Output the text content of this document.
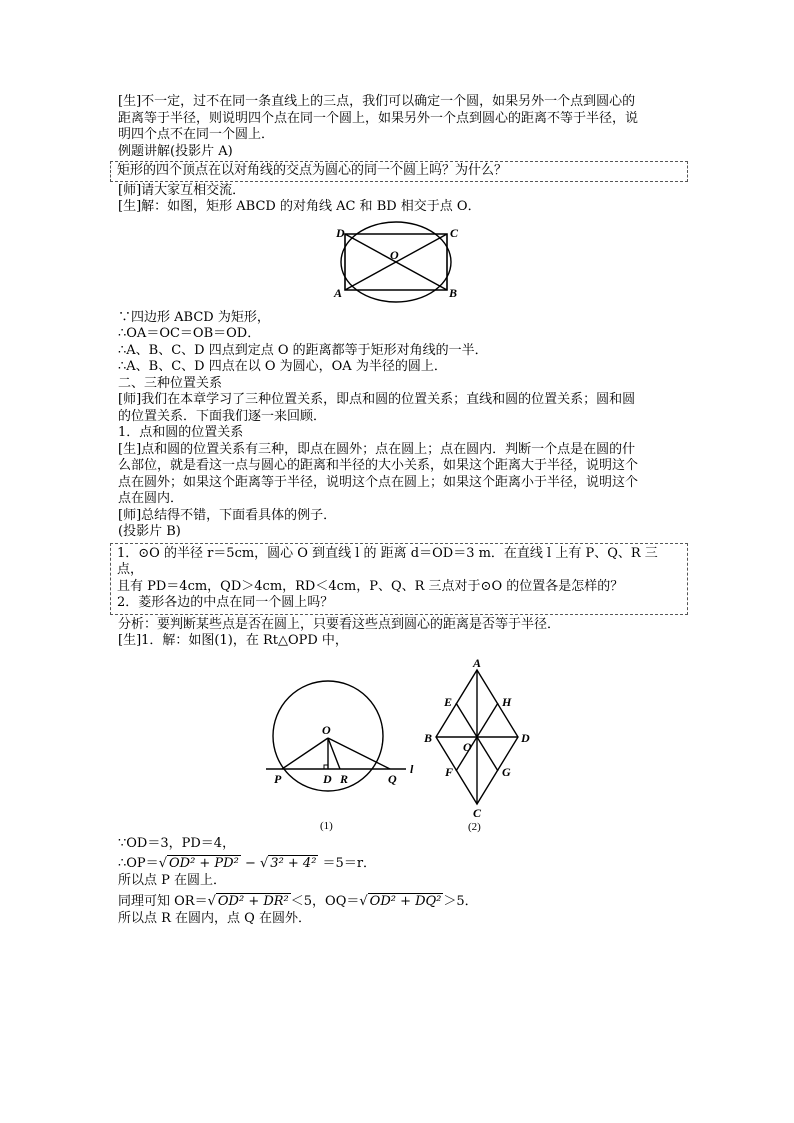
[生]不一定，过不在同一条直线上的三点，我们可以确定一个圆，如果另外一个点到圆心的

距离等于半径，则说明四个点在同一个圆上，如果另外一个点到圆心的距离不等于半径，说

明四个点不在同一个圆上．

例题讲解(投影片 A)

矩形的四个顶点在以对角线的交点为圆心的同一个圆上吗？为什么？

[师]请大家互相交流．

[生]解：如图，矩形 ABCD 的对角线 AC 和 BD 相交于点 O．

D	C
A	B
O

∵四边形 ABCD 为矩形，

∴OA＝OC＝OB＝OD．

∴A、B、C、D 四点到定点 O 的距离都等于矩形对角线的一半．

∴A、B、C、D 四点在以 O 为圆心，OA 为半径的圆上．

二、三种位置关系

[师]我们在本章学习了三种位置关系，即点和圆的位置关系；直线和圆的位置关系；圆和圆

的位置关系．下面我们逐一来回顾．

1．点和圆的位置关系

[生]点和圆的位置关系有三种，即点在圆外；点在圆上；点在圆内．判断一个点是在圆的什

么部位，就是看这一点与圆心的距离和半径的大小关系，如果这个距离大于半径，说明这个

点在圆外；如果这个距离等于半径，说明这个点在圆上；如果这个距离小于半径，说明这个

点在圆内．

[师]总结得不错，下面看具体的例子．

(投影片 B)

1．⊙O 的半径 r＝5cm，圆心 O 到直线 l 的 距离 d＝OD＝3 m．在直线 l 上有 P、Q、R 三点，

且有 PD＝4cm，QD＞4cm，RD＜4cm，P、Q、R 三点对于⊙O 的位置各是怎样的？

2．菱形各边的中点在同一个圆上吗？

分析：要判断某些点是否在圆上，只要看这些点到圆心的距离是否等于半径．

[生]1．解：如图(1)，在 Rt△OPD 中，

O
P	D R	Q
l
(1)
A
E	H
B	D
O
F	G
C
(2)

∵OD＝3，PD＝4，

∴OP＝√ OD² + PD² − √ 3² + 4² ＝5＝r．

所以点 P 在圆上．

同理可知 OR＝√ OD² + DR² ＜5，OQ＝√ OD² + DQ² ＞5．

所以点 R 在圆内，点 Q 在圆外．
